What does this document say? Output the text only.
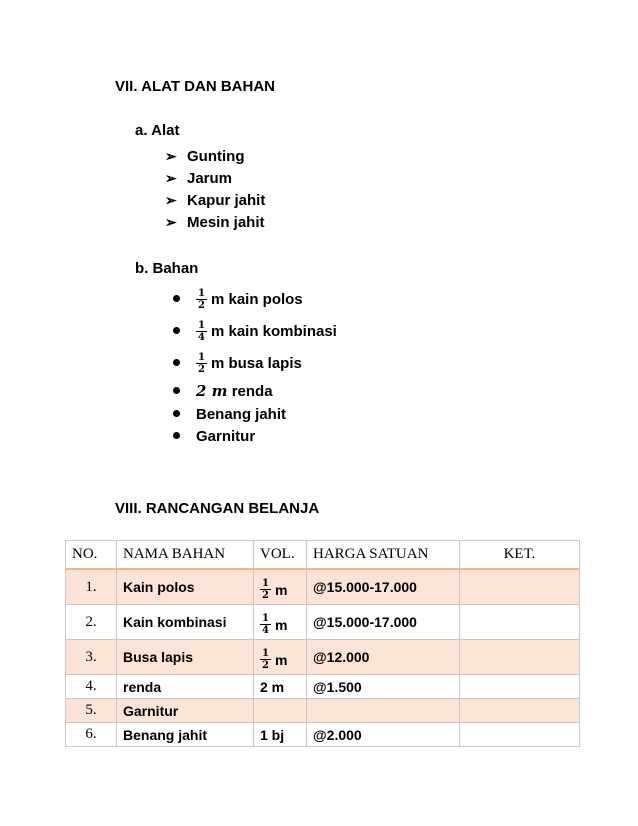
VII. ALAT DAN BAHAN
a. Alat
➢ Gunting
➢ Jarum
➢ Kapur jahit
➢ Mesin jahit
b. Bahan
$\frac{1}{2}$ m kain polos
$\frac{1}{4}$ m kain kombinasi
$\frac{1}{2}$ m busa lapis
2 m
renda
Benang jahit
Garnitur
VIII. RANCANGAN BELANJA
NO.	NAMA BAHAN	VOL.	HARGA SATUAN	KET.
1.	Kain polos	$\frac{1}{2}$ m	@15.000-17.000	
2.	Kain kombinasi	$\frac{1}{4}$ m	@15.000-17.000	
3.	Busa lapis	$\frac{1}{2}$ m	@12.000	
4.	renda	2 m	@1.500	
5.	Garnitur			
6.	Benang jahit	1 bj	@2.000	
